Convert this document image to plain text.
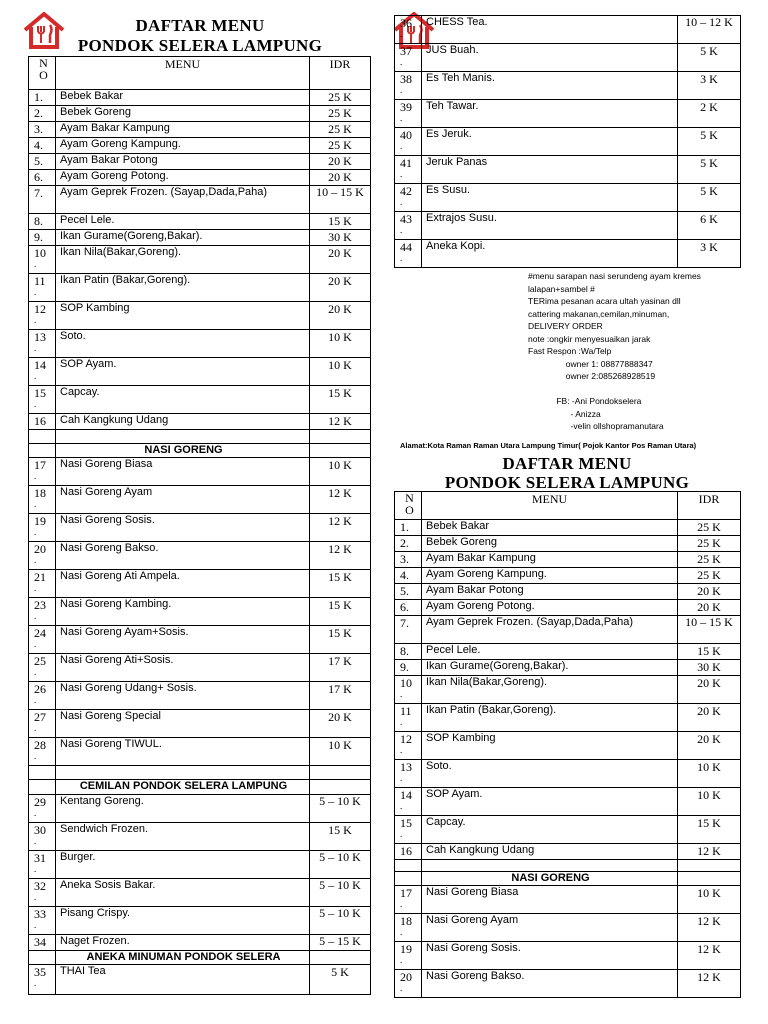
DAFTAR MENU
PONDOK SELERA LAMPUNG
N
O	MENU	IDR
1.	Bebek Bakar	25 K
2.	Bebek Goreng	25 K
3.	Ayam Bakar Kampung	25 K
4.	Ayam Goreng Kampung.	25 K
5.	Ayam Bakar Potong	20 K
6.	Ayam Goreng Potong.	20 K
7.	Ayam Geprek Frozen. (Sayap,Dada,Paha)	10 – 15 K
8.	Pecel Lele.	15 K
9.	Ikan Gurame(Goreng,Bakar).	30 K
10
.	Ikan Nila(Bakar,Goreng).	20 K
11
.	Ikan Patin (Bakar,Goreng).	20 K
12
.	SOP Kambing	20 K
13
.	Soto.	10 K
14
.	SOP Ayam.	10 K
15
.	Capcay.	15 K
16	Cah Kangkung Udang	12 K

	NASI GORENG	
17
.	Nasi Goreng Biasa	10 K
18
.	Nasi Goreng Ayam	12 K
19
.	Nasi Goreng Sosis.	12 K
20
.	Nasi Goreng Bakso.	12 K
21
.	Nasi Goreng Ati Ampela.	15 K
23
.	Nasi Goreng Kambing.	15 K
24
.	Nasi Goreng Ayam+Sosis.	15 K
25
.	Nasi Goreng Ati+Sosis.	17 K
26
.	Nasi Goreng Udang+ Sosis.	17 K
27
.	Nasi Goreng Special	20 K
28
.	Nasi Goreng TIWUL.	10 K

	CEMILAN PONDOK SELERA LAMPUNG	
29
.	Kentang Goreng.	5 – 10 K
30
.	Sendwich Frozen.	15 K
31
.	Burger.	5 – 10 K
32
.	Aneka Sosis Bakar.	5 – 10 K
33
.	Pisang Crispy.	5 – 10 K
34	Naget Frozen.	5 – 15 K
	ANEKA MINUMAN PONDOK SELERA	
35
.	THAI Tea	5 K
36
.	CHESS Tea.	10 – 12 K
37
.	JUS Buah.	5 K
38
.	Es Teh Manis.	3 K
39
.	Teh Tawar.	2 K
40
.	Es Jeruk.	5 K
41
.	Jeruk Panas	5 K
42
.	Es Susu.	5 K
43
.	Extrajos Susu.	6 K
44
.	Aneka Kopi.	3 K
#menu sarapan nasi serundeng ayam kremes
lalapan+sambel #
TERima pesanan acara ultah yasinan dll
cattering makanan,cemilan,minuman,
DELIVERY ORDER
note :ongkir menyesuaikan jarak
Fast Respon :Wa/Telp
owner 1: 08877888347
owner 2:085268928519

FB: -Ani Pondokselera
- Anizza
-velin ollshopramanutara
Alamat:Kota Raman Raman Utara Lampung Timur( Pojok Kantor Pos Raman Utara)
DAFTAR MENU
PONDOK SELERA LAMPUNG
N
O	MENU	IDR
1.	Bebek Bakar	25 K
2.	Bebek Goreng	25 K
3.	Ayam Bakar Kampung	25 K
4.	Ayam Goreng Kampung.	25 K
5.	Ayam Bakar Potong	20 K
6.	Ayam Goreng Potong.	20 K
7.	Ayam Geprek Frozen. (Sayap,Dada,Paha)	10 – 15 K
8.	Pecel Lele.	15 K
9.	Ikan Gurame(Goreng,Bakar).	30 K
10
.	Ikan Nila(Bakar,Goreng).	20 K
11
.	Ikan Patin (Bakar,Goreng).	20 K
12
.	SOP Kambing	20 K
13
.	Soto.	10 K
14
.	SOP Ayam.	10 K
15
.	Capcay.	15 K
16	Cah Kangkung Udang	12 K

	NASI GORENG	
17
.	Nasi Goreng Biasa	10 K
18
.	Nasi Goreng Ayam	12 K
19
.	Nasi Goreng Sosis.	12 K
20
.	Nasi Goreng Bakso.	12 K
